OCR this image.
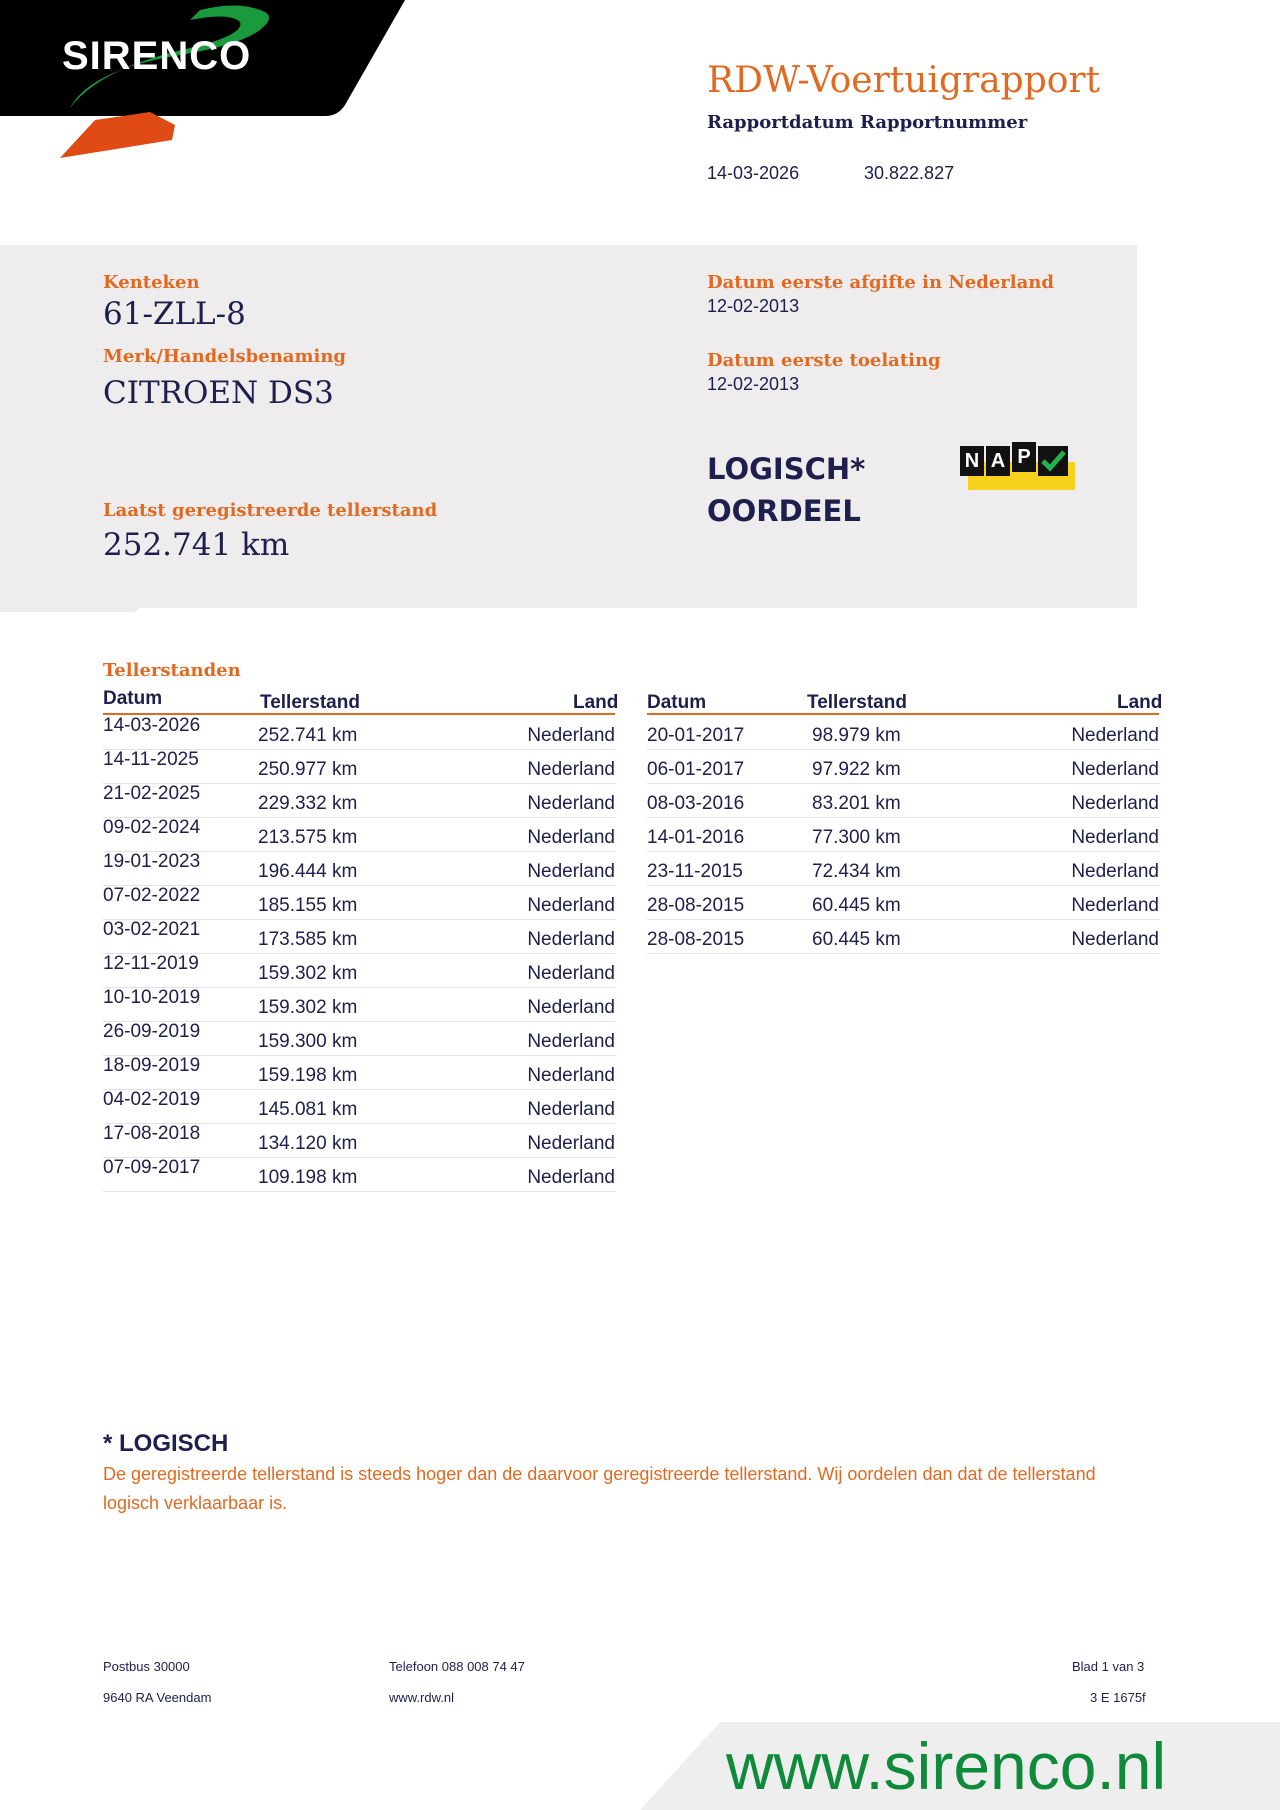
SIRENCO
RDW-Voertuigrapport
Rapportdatum Rapportnummer
14-03-2026	30.822.827
Kenteken
61-ZLL-8
Merk/Handelsbenaming
CITROEN DS3
Datum eerste afgifte in Nederland
12-02-2013
Datum eerste toelating
12-02-2013
LOGISCH*
OORDEEL
N A P
Laatst geregistreerde tellerstand
252.741 km
Tellerstanden
Datum	Tellerstand	Land Datum	Tellerstand	Land
14-03-2026	252.741 km	Nederland
14-11-2025	250.977 km	Nederland
21-02-2025	229.332 km	Nederland
09-02-2024	213.575 km	Nederland
19-01-2023	196.444 km	Nederland
07-02-2022	185.155 km	Nederland
03-02-2021	173.585 km	Nederland
12-11-2019	159.302 km	Nederland
10-10-2019	159.302 km	Nederland
26-09-2019	159.300 km	Nederland
18-09-2019	159.198 km	Nederland
04-02-2019	145.081 km	Nederland
17-08-2018	134.120 km	Nederland
07-09-2017	109.198 km	Nederland
20-01-2017	98.979 km	Nederland
06-01-2017	97.922 km	Nederland
08-03-2016	83.201 km	Nederland
14-01-2016	77.300 km	Nederland
23-11-2015	72.434 km	Nederland
28-08-2015	60.445 km	Nederland
28-08-2015	60.445 km	Nederland
* LOGISCH
De geregistreerde tellerstand is steeds hoger dan de daarvoor geregistreerde tellerstand. Wij oordelen dan dat de tellerstand logisch verklaarbaar is.
Postbus 30000
9640 RA Veendam
Telefoon 088 008 74 47
www.rdw.nl
Blad 1 van 3
3 E 1675f
www.sirenco.nl
